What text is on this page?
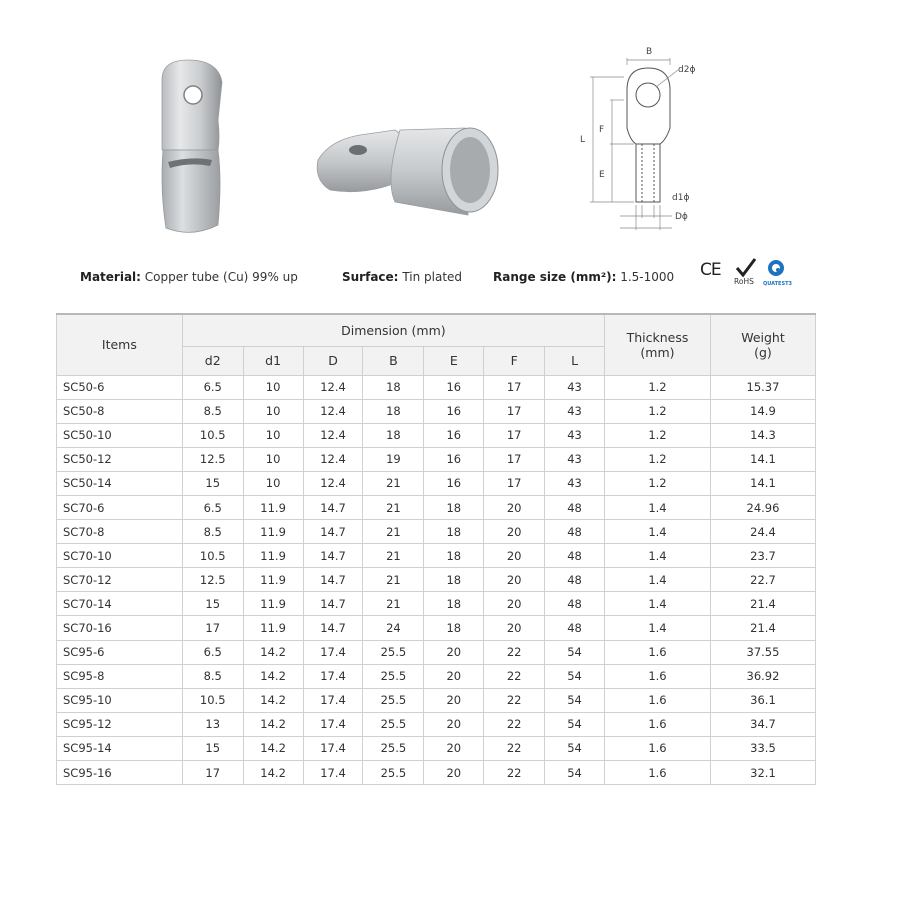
B
d2ϕ
L
F
E
d1ϕ
Dϕ
Material: Copper tube (Cu) 99% up	Surface: Tin plated	Range size (mm²): 1.5-1000 CE
RoHS QUATEST3
Items	Dimension (mm)							Thickness (mm)	Weight (g)
	d2	d1	D	B	E	F	L		
SC50-6	6.5	10	12.4	18	16	17	43	1.2	15.37
SC50-8	8.5	10	12.4	18	16	17	43	1.2	14.9
SC50-10	10.5	10	12.4	18	16	17	43	1.2	14.3
SC50-12	12.5	10	12.4	19	16	17	43	1.2	14.1
SC50-14	15	10	12.4	21	16	17	43	1.2	14.1
SC70-6	6.5	11.9	14.7	21	18	20	48	1.4	24.96
SC70-8	8.5	11.9	14.7	21	18	20	48	1.4	24.4
SC70-10	10.5	11.9	14.7	21	18	20	48	1.4	23.7
SC70-12	12.5	11.9	14.7	21	18	20	48	1.4	22.7
SC70-14	15	11.9	14.7	21	18	20	48	1.4	21.4
SC70-16	17	11.9	14.7	24	18	20	48	1.4	21.4
SC95-6	6.5	14.2	17.4	25.5	20	22	54	1.6	37.55
SC95-8	8.5	14.2	17.4	25.5	20	22	54	1.6	36.92
SC95-10	10.5	14.2	17.4	25.5	20	22	54	1.6	36.1
SC95-12	13	14.2	17.4	25.5	20	22	54	1.6	34.7
SC95-14	15	14.2	17.4	25.5	20	22	54	1.6	33.5
SC95-16	17	14.2	17.4	25.5	20	22	54	1.6	32.1
